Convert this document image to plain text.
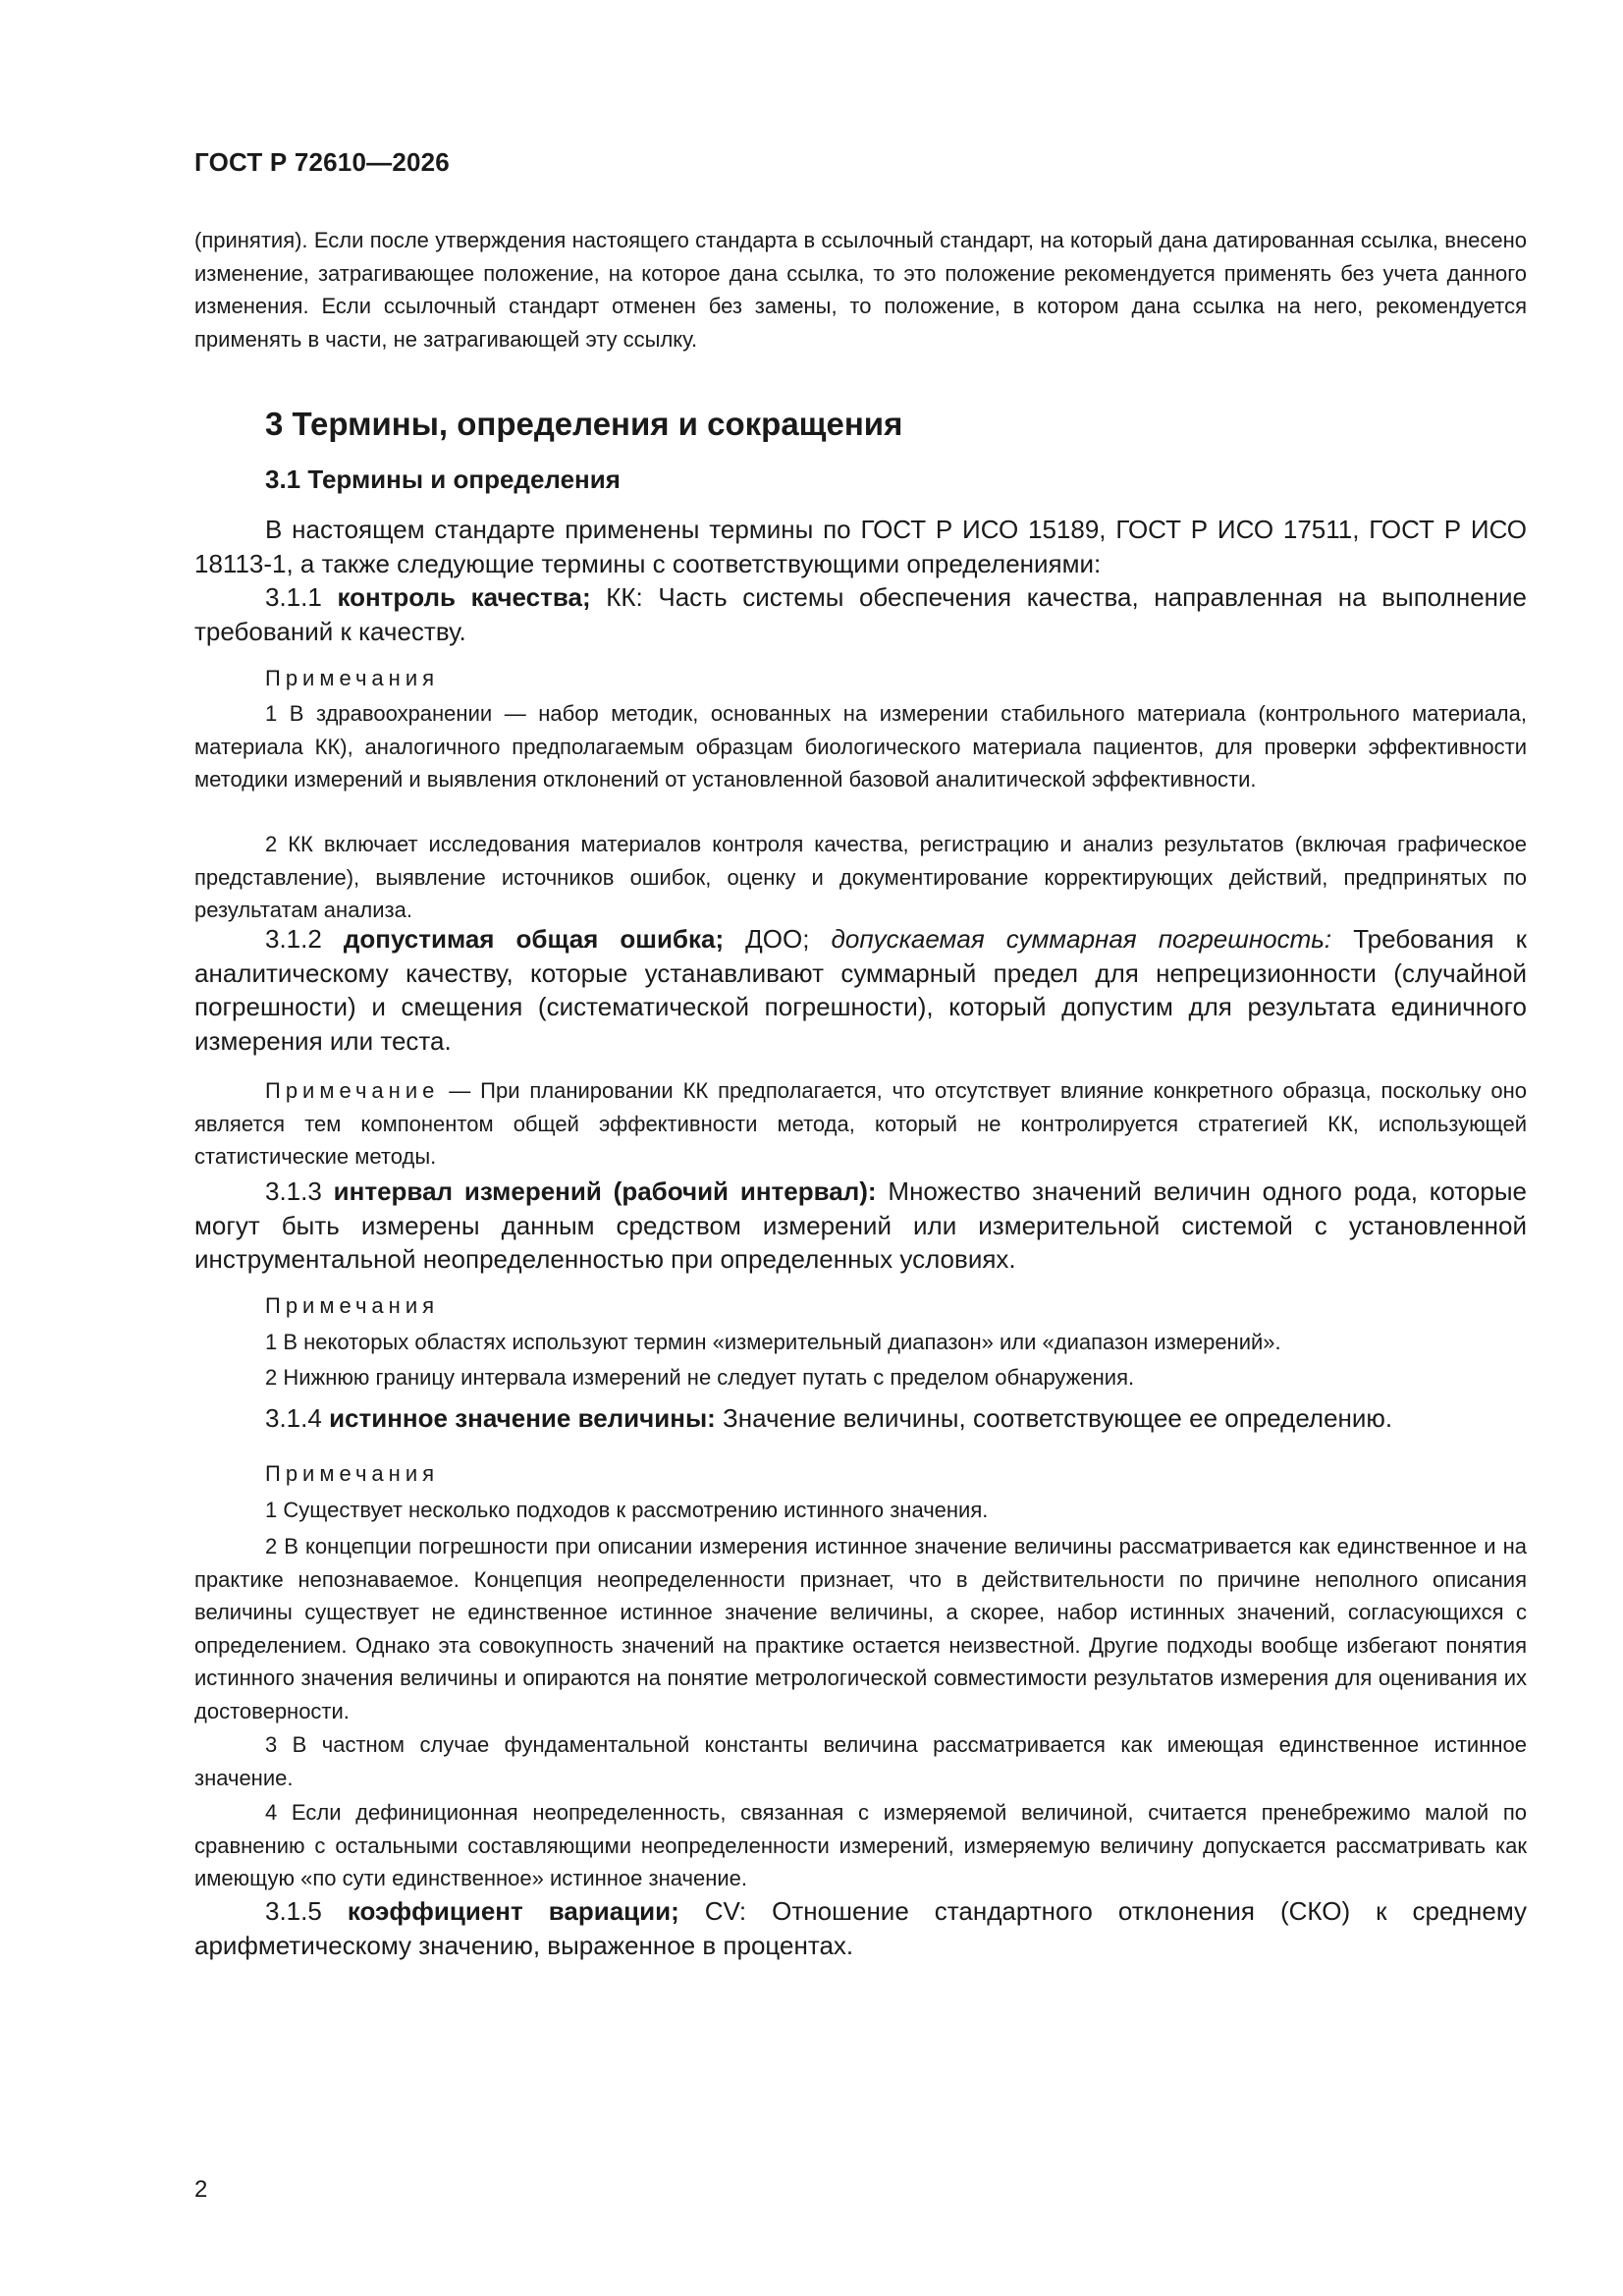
ГОСТ Р 72610—2026

(принятия). Если после утверждения настоящего стандарта в ссылочный стандарт, на который дана датированная ссылка, внесено изменение, затрагивающее положение, на которое дана ссылка, то это положение рекомендуется применять без учета данного изменения. Если ссылочный стандарт отменен без замены, то положение, в котором дана ссылка на него, рекомендуется применять в части, не затрагивающей эту ссылку.

3 Термины, определения и сокращения
3.1 Термины и определения

В настоящем стандарте применены термины по ГОСТ Р ИСО 15189, ГОСТ Р ИСО 17511, ГОСТ Р ИСО 18113-1, а также следующие термины с соответствующими определениями:

3.1.1 контроль качества; КК: Часть системы обеспечения качества, направленная на выполнение требований к качеству.

Примечания

1 В здравоохранении — набор методик, основанных на измерении стабильного материала (контрольного материала, материала КК), аналогичного предполагаемым образцам биологического материала пациентов, для проверки эффективности методики измерений и выявления отклонений от установленной базовой аналитической эффективности.

2 КК включает исследования материалов контроля качества, регистрацию и анализ результатов (включая графическое представление), выявление источников ошибок, оценку и документирование корректирующих действий, предпринятых по результатам анализа.

3.1.2 допустимая общая ошибка; ДОО; допускаемая суммарная погрешность: Требования к аналитическому качеству, которые устанавливают суммарный предел для непрецизионности (случайной погрешности) и смещения (систематической погрешности), который допустим для результата единичного измерения или теста.

Примечание — При планировании КК предполагается, что отсутствует влияние конкретного образца, поскольку оно является тем компонентом общей эффективности метода, который не контролируется стратегией КК, использующей статистические методы.

3.1.3 интервал измерений (рабочий интервал): Множество значений величин одного рода, которые могут быть измерены данным средством измерений или измерительной системой с установленной инструментальной неопределенностью при определенных условиях.

Примечания

1 В некоторых областях используют термин «измерительный диапазон» или «диапазон измерений».

2 Нижнюю границу интервала измерений не следует путать с пределом обнаружения.

3.1.4 истинное значение величины: Значение величины, соответствующее ее определению.

Примечания

1 Существует несколько подходов к рассмотрению истинного значения.

2 В концепции погрешности при описании измерения истинное значение величины рассматривается как единственное и на практике непознаваемое. Концепция неопределенности признает, что в действительности по причине неполного описания величины существует не единственное истинное значение величины, а скорее, набор истинных значений, согласующихся с определением. Однако эта совокупность значений на практике остается неизвестной. Другие подходы вообще избегают понятия истинного значения величины и опираются на понятие метрологической совместимости результатов измерения для оценивания их достоверности.

3 В частном случае фундаментальной константы величина рассматривается как имеющая единственное истинное значение.

4 Если дефиниционная неопределенность, связанная с измеряемой величиной, считается пренебрежимо малой по сравнению с остальными составляющими неопределенности измерений, измеряемую величину допускается рассматривать как имеющую «по сути единственное» истинное значение.

3.1.5 коэффициент вариации; CV: Отношение стандартного отклонения (СКО) к среднему арифметическому значению, выраженное в процентах.

2
